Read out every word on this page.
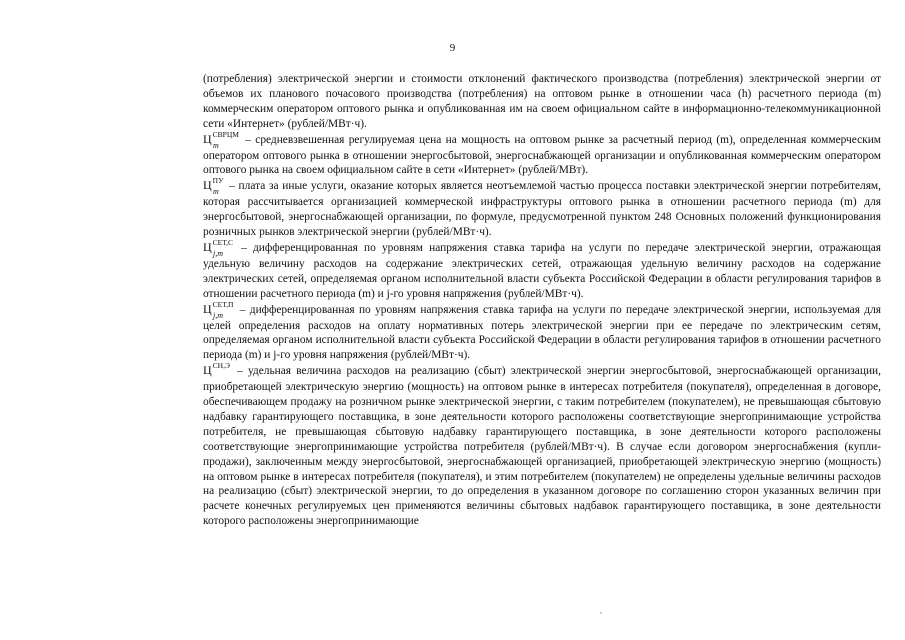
9

(потребления) электрической энергии и стоимости отклонений фактического производства (потребления) электрической энергии от объемов их планового почасового производства (потребления) на оптовом рынке в отношении часа (h) расчетного периода (m) коммерческим оператором оптового рынка и опубликованная им на своем официальном сайте в информационно-телекоммуникационной сети «Интернет» (рублей/МВт·ч).

$Ц^{СВРЦМ}$
m – средневзвешенная регулируемая цена на мощность на оптовом рынке за расчетный период (m), определенная коммерческим оператором оптового рынка в отношении энергосбытовой, энергоснабжающей организации и опубликованная коммерческим оператором оптового рынка на своем официальном сайте в сети «Интернет» (рублей/МВт).

$Ц^{ПУ}$
m – плата за иные услуги, оказание которых является неотъемлемой частью процесса поставки электрической энергии потребителям, которая рассчитывается организацией коммерческой инфраструктуры оптового рынка в отношении расчетного периода (m) для энергосбытовой, энергоснабжающей организации, по формуле, предусмотренной пунктом 248 Основных положений функционирования розничных рынков электрической энергии (рублей/МВт·ч).

$Ц^{СЕТ,С}$
j,m – дифференцированная по уровням напряжения ставка тарифа на услуги по передаче электрической энергии, отражающая удельную величину расходов на содержание электрических сетей, отражающая удельную величину расходов на содержание электрических сетей, определяемая органом исполнительной власти субъекта Российской Федерации в области регулирования тарифов в отношении расчетного периода (m) и j-го уровня напряжения (рублей/МВт·ч).

$Ц^{СЕТ,П}$
j,m – дифференцированная по уровням напряжения ставка тарифа на услуги по передаче электрической энергии, используемая для целей определения расходов на оплату нормативных потерь электрической энергии при ее передаче по электрическим сетям, определяемая органом исполнительной власти субъекта Российской Федерации в области регулирования тарифов в отношении расчетного периода (m) и j-го уровня напряжения (рублей/МВт·ч).

$Ц^{СН,Э}$
– удельная величина расходов на реализацию (сбыт) электрической энергии энергосбытовой, энергоснабжающей организации, приобретающей электрическую энергию (мощность) на оптовом рынке в интересах потребителя (покупателя), определенная в договоре, обеспечивающем продажу на розничном рынке электрической энергии, с таким потребителем (покупателем), не превышающая сбытовую надбавку гарантирующего поставщика, в зоне деятельности которого расположены соответствующие энергопринимающие устройства потребителя, не превышающая сбытовую надбавку гарантирующего поставщика, в зоне деятельности которого расположены соответствующие энергопринимающие устройства потребителя (рублей/МВт·ч). В случае если договором энергоснабжения (купли-продажи), заключенным между энергосбытовой, энергоснабжающей организацией, приобретающей электрическую энергию (мощность) на оптовом рынке в интересах потребителя (покупателя), и этим потребителем (покупателем) не определены удельные величины расходов на реализацию (сбыт) электрической энергии, то до определения в указанном договоре по соглашению сторон указанных величин при расчете конечных регулируемых цен применяются величины сбытовых надбавок гарантирующего поставщика, в зоне деятельности которого расположены энергопринимающие
